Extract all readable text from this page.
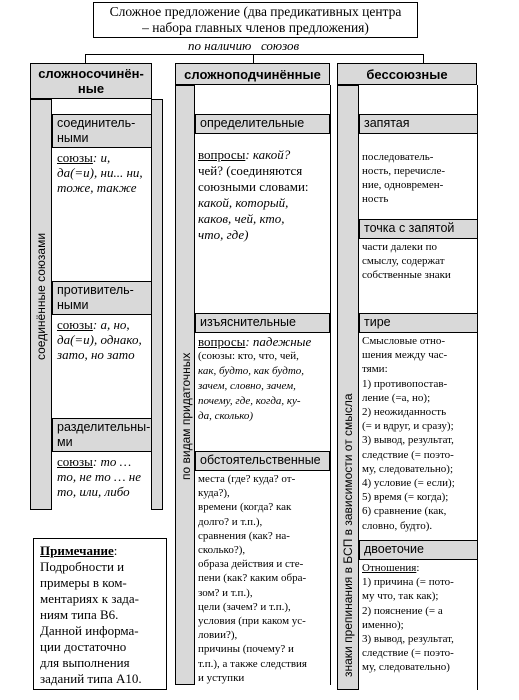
Сложное предложение (два предикативных центра
– набора главных членов предложения)
по наличию   союзов
сложносочинён-
ные
сложноподчинённые	бессоюзные
соединённые союзами
соединитель-
ными
союзы: и,
да(=и), ни... ни,
тоже, также
противитель-
ными
союзы: а, но,
да(=и), однако,
зато, но зато
разделительны-
ми
союзы: то …
то, не то … не
то, или, либо
Примечание:
Подробности и
примеры в ком-
ментариях к зада-
ниям типа B6.
Данной информа-
ции достаточно
для выполнения
заданий типа A10.
по видам придаточных
определительные
вопросы: какой?
чей? (соединяются
союзными словами:
какой, который,
каков, чей, кто,
что, где)
изъяснительные
вопросы: падежные
(союзы: кто, что, чей,
как, будто, как будто,
зачем, словно, зачем,
почему, где, когда, ку-
да, сколько)
обстоятельственные
места (где? куда? от-
куда?),
времени (когда? как
долго? и т.п.),
сравнения (как? на-
сколько?),
образа действия и сте-
пени (как? каким обра-
зом? и т.п.),
цели (зачем? и т.п.),
условия (при каком ус-
ловии?),
причины (почему? и
т.п.), а также следствия
и уступки
знаки препинания в БСП в зависимости от смысла
запятая
последователь-
ность, перечисле-
ние, одновремен-
ность
точка с запятой
части далеки по
смыслу, содержат
собственные знаки
тире
Смысловые отно-
шения между час-
тями:
1) противопостав-
ление (=а, но);
2) неожиданность
(= и вдруг, и сразу);
3) вывод, результат,
следствие (= поэто-
му, следовательно);
4) условие (= если);
5) время (= когда);
6) сравнение (как,
словно, будто).
двоеточие
Отношения:
1) причина (= пото-
му что, так как);
2) пояснение (= а
именно);
3) вывод, результат,
следствие (= поэто-
му, следовательно)
